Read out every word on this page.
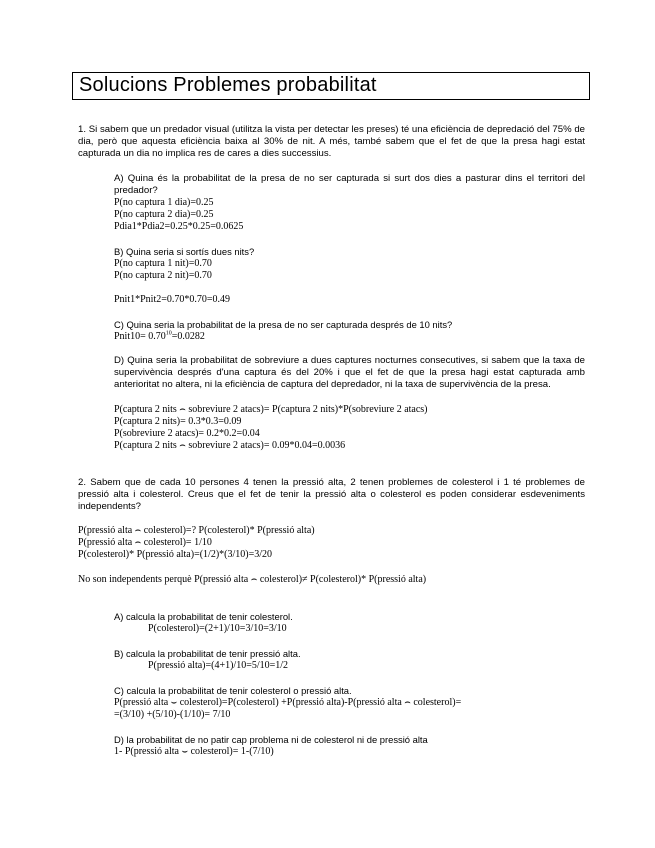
Solucions Problemes probabilitat
1. Si sabem que un predador visual (utilitza la vista per detectar les preses) té una eficiència de depredació del 75% de dia, però que aquesta eficiència baixa al 30% de nit. A més, també sabem que el fet de que la presa hagi estat capturada un dia no implica res de cares a dies successius.
A) Quina és la probabilitat de la presa de no ser capturada si surt dos dies a pasturar dins el territori del predador?
P(no captura 1 dia)=0.25
P(no captura 2 dia)=0.25
Pdia1*Pdia2=0.25*0.25=0.0625
B) Quina seria si sortís dues nits?
P(no captura 1 nit)=0.70
P(no captura 2 nit)=0.70
Pnit1*Pnit2=0.70*0.70=0.49
C) Quina seria la probabilitat de la presa de no ser capturada després de 10 nits?
Pnit10= $0.70^{10}=0.0282$
D) Quina seria la probabilitat de sobreviure a dues captures nocturnes consecutives, si sabem que la taxa de supervivència després d'una captura és del 20% i que el fet de que la presa hagi estat capturada amb anterioritat no altera, ni la eficiència de captura del depredador, ni la taxa de supervivència de la presa.
P(captura 2 nits ⌢ sobreviure 2 atacs)= P(captura 2 nits)*P(sobreviure 2 atacs)
P(captura 2 nits)= 0.3*0.3=0.09
P(sobreviure 2 atacs)= 0.2*0.2=0.04
P(captura 2 nits ⌢ sobreviure 2 atacs)= 0.09*0.04=0.0036
2. Sabem que de cada 10 persones 4 tenen la pressió alta, 2 tenen problemes de colesterol i 1 té problemes de pressió alta i colesterol. Creus que el fet de tenir la pressió alta o colesterol es poden considerar esdeveniments independents?
P(pressió alta ⌢ colesterol)=? P(colesterol)* P(pressió alta)
P(pressió alta ⌢ colesterol)= 1/10
P(colesterol)* P(pressió alta)=(1/2)*(3/10)=3/20
No son independents perquè P(pressió alta ⌢ colesterol)≠ P(colesterol)* P(pressió alta)
A) calcula la probabilitat de tenir colesterol.
P(colesterol)=(2+1)/10=3/10=3/10
B) calcula la probabilitat de tenir pressió alta.
P(pressió alta)=(4+1)/10=5/10=1/2
C) calcula la probabilitat de tenir colesterol o pressió alta.
P(pressió alta ⌣ colesterol)=P(colesterol) +P(pressió alta)-P(pressió alta ⌢ colesterol)=
=(3/10) +(5/10)-(1/10)= 7/10
D) la probabilitat de no patir cap problema ni de colesterol ni de pressió alta
1- P(pressió alta ⌣ colesterol)= 1-(7/10)
